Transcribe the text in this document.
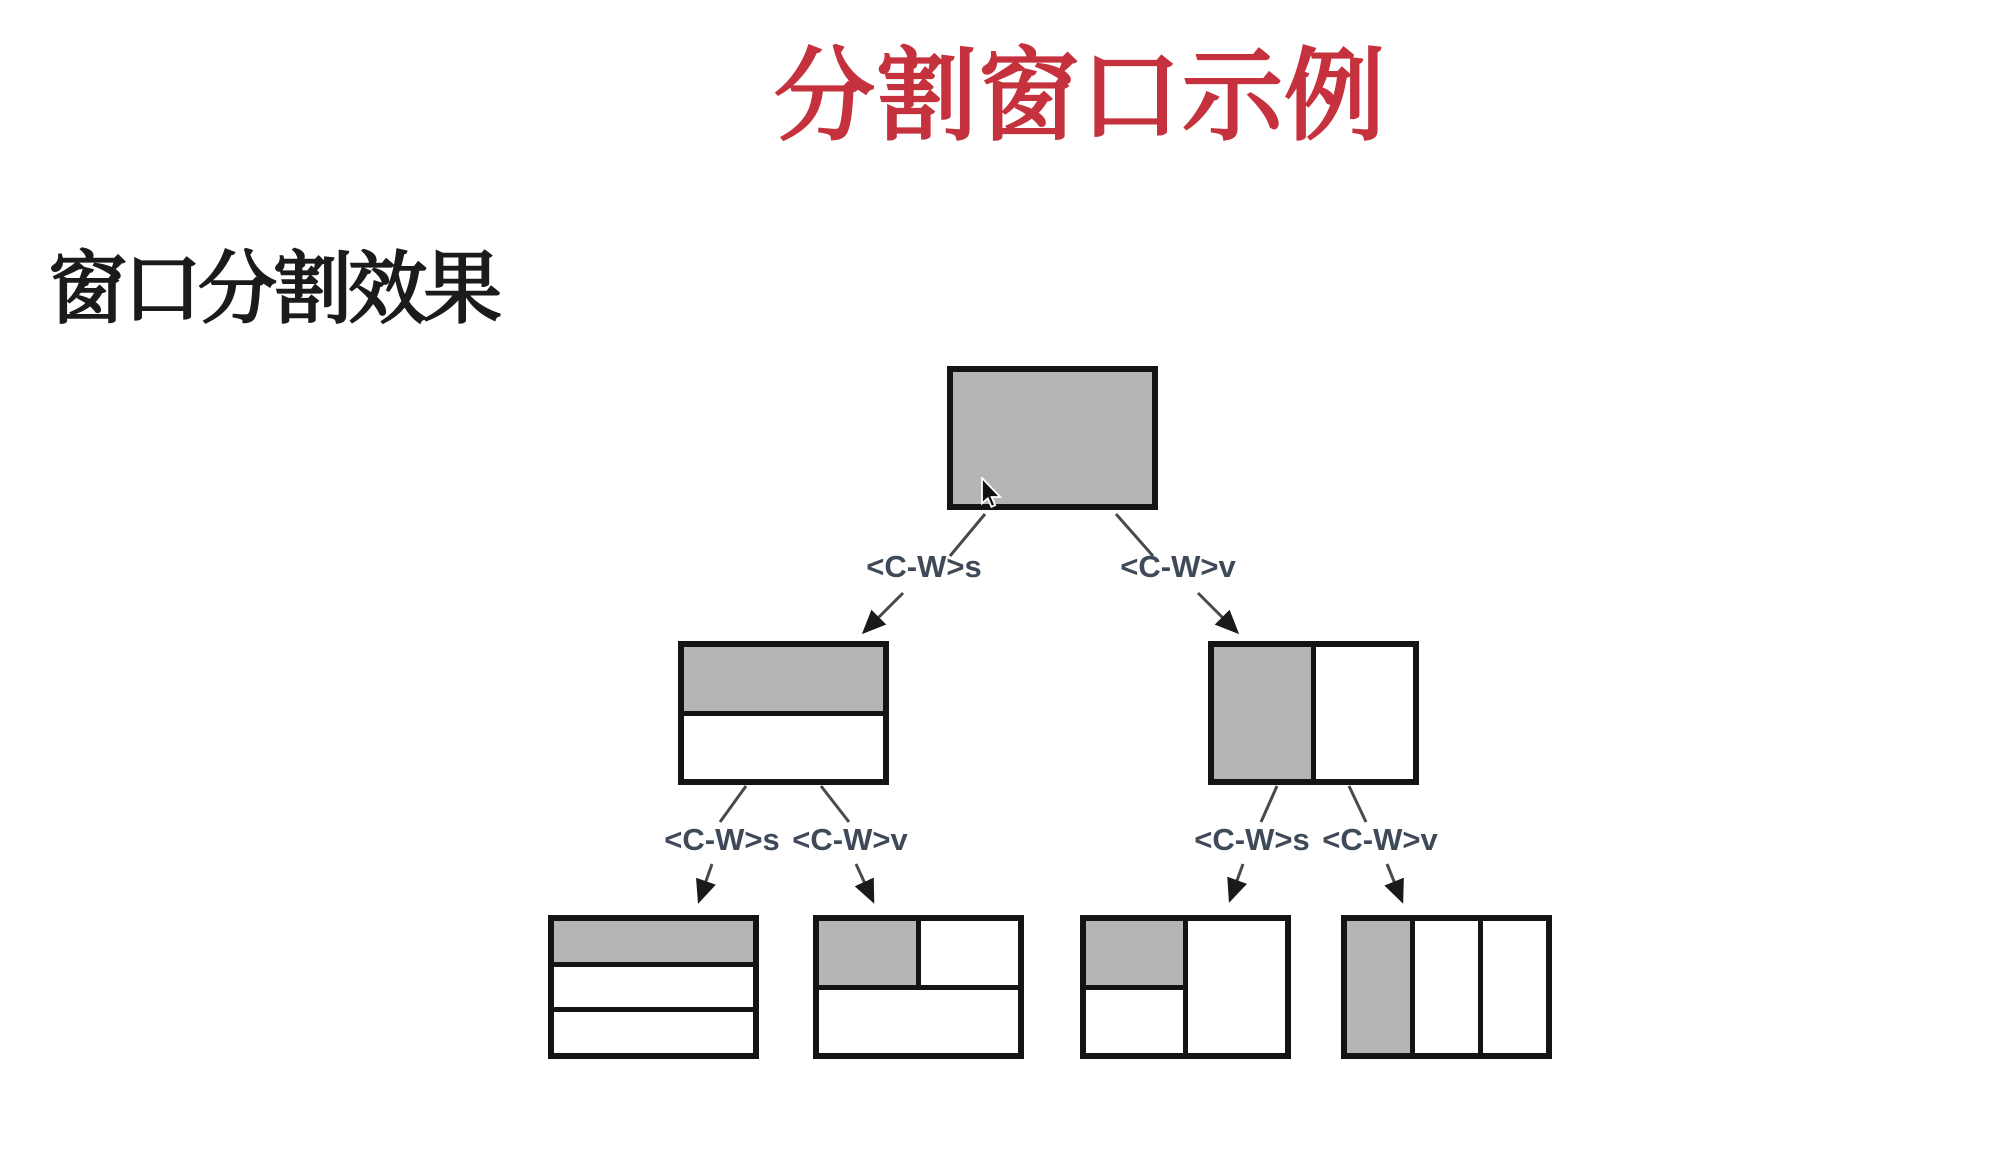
分割窗口示例
窗口分割效果
<C-W>s	<C-W>v
<C-W>s <C-W>v	<C-W>s <C-W>v
